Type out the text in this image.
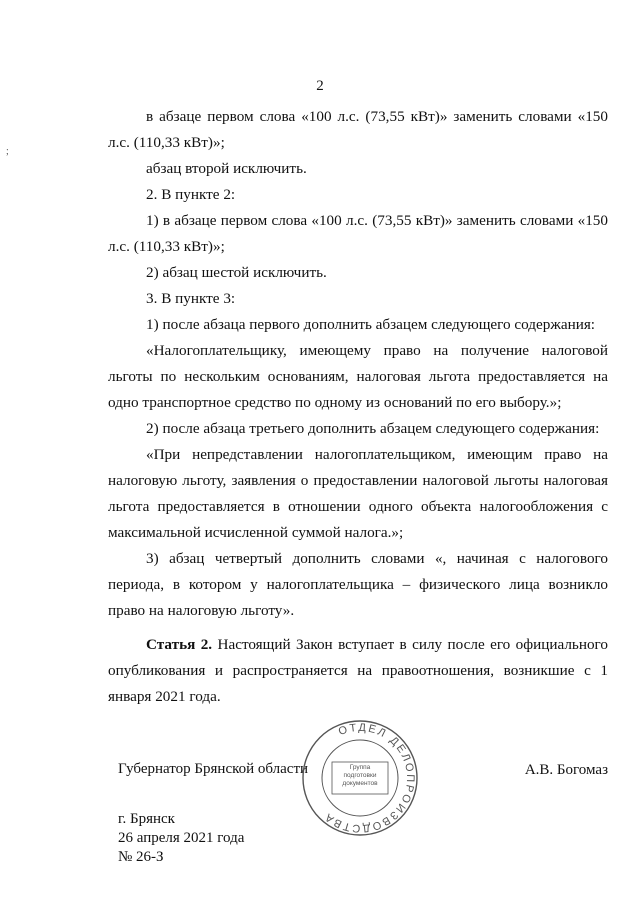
2
;

в абзаце первом слова «100 л.с. (73,55 кВт)» заменить словами «150 л.с. (110,33 кВт)»;

абзац второй исключить.

2. В пункте 2:

1) в абзаце первом слова «100 л.с. (73,55 кВт)» заменить словами «150 л.с. (110,33 кВт)»;

2) абзац шестой исключить.

3. В пункте 3:

1) после абзаца первого дополнить абзацем следующего содержания:

«Налогоплательщику, имеющему право на получение налоговой льготы по нескольким основаниям, налоговая льгота предоставляется на одно транспортное средство по одному из оснований по его выбору.»;

2) после абзаца третьего дополнить абзацем следующего содержания:

«При непредставлении налогоплательщиком, имеющим право на налоговую льготу, заявления о предоставлении налоговой льготы налоговая льгота предоставляется в отношении одного объекта налогообложения с максимальной исчисленной суммой налога.»;

3) абзац четвертый дополнить словами «, начиная с налогового периода, в котором у налогоплательщика – физического лица возникло право на налоговую льготу».

Статья 2. Настоящий Закон вступает в силу после его официального опубликования и распространяется на правоотношения, возникшие с 1 января 2021 года.

Губернатор Брянской области	А.В. Богомаз
ОТДЕЛ ДЕЛОПРОИЗВОДСТВА
Группа подготовки документов
г. Брянск
26 апреля 2021 года
№ 26-З
